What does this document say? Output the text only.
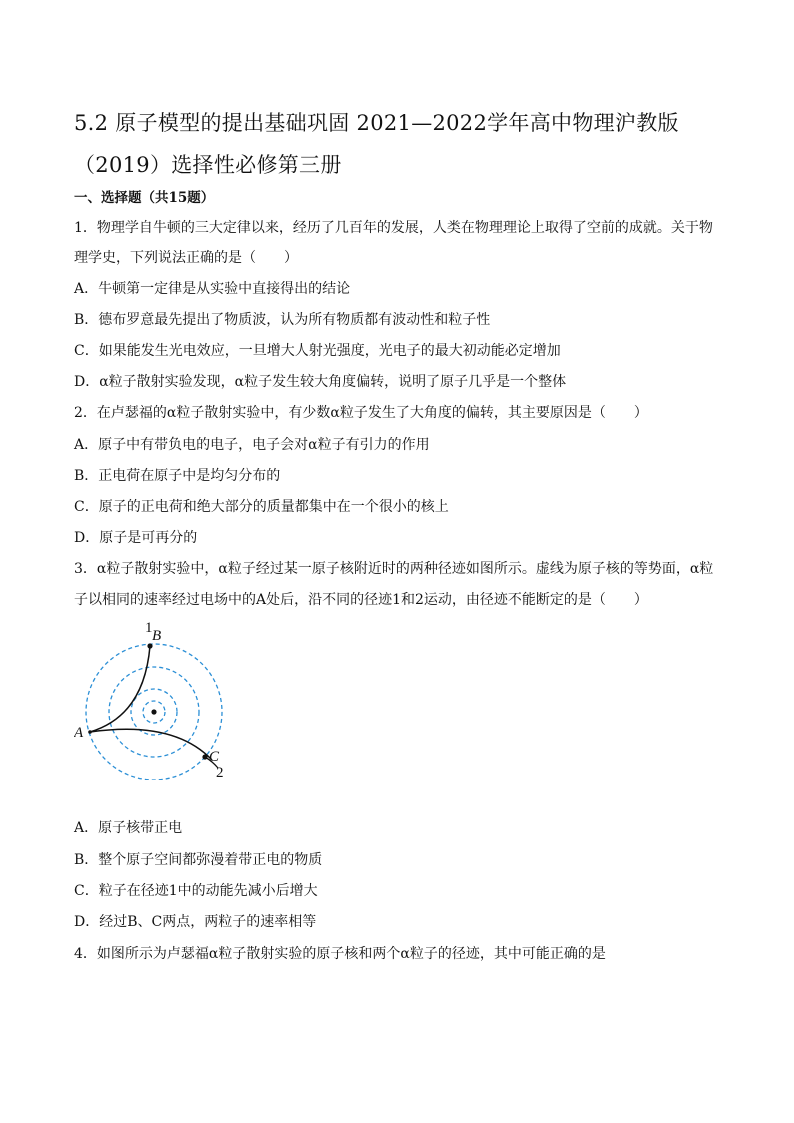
5.2 原子模型的提出基础巩固 2021—2022学年高中物理沪教版
（2019）选择性必修第三册
一、选择题（共15题）
1．物理学自牛顿的三大定律以来，经历了几百年的发展，人类在物理理论上取得了空前的成就。关于物
理学史，下列说法正确的是（　　）
A．牛顿第一定律是从实验中直接得出的结论
B．德布罗意最先提出了物质波，认为所有物质都有波动性和粒子性
C．如果能发生光电效应，一旦增大人射光强度，光电子的最大初动能必定增加
D．α粒子散射实验发现，α粒子发生较大角度偏转，说明了原子几乎是一个整体
2．在卢瑟福的α粒子散射实验中，有少数α粒子发生了大角度的偏转，其主要原因是（　　）
A．原子中有带负电的电子，电子会对α粒子有引力的作用
B．正电荷在原子中是均匀分布的
C．原子的正电荷和绝大部分的质量都集中在一个很小的核上
D．原子是可再分的
3．α粒子散射实验中，α粒子经过某一原子核附近时的两种径迹如图所示。虚线为原子核的等势面，α粒
子以相同的速率经过电场中的A处后，沿不同的径迹1和2运动，由径迹不能断定的是（　　）
A
B
C
1
2
A．原子核带正电
B．整个原子空间都弥漫着带正电的物质
C．粒子在径迹1中的动能先减小后增大
D．经过B、C两点，两粒子的速率相等
4．如图所示为卢瑟福α粒子散射实验的原子核和两个α粒子的径迹，其中可能正确的是
